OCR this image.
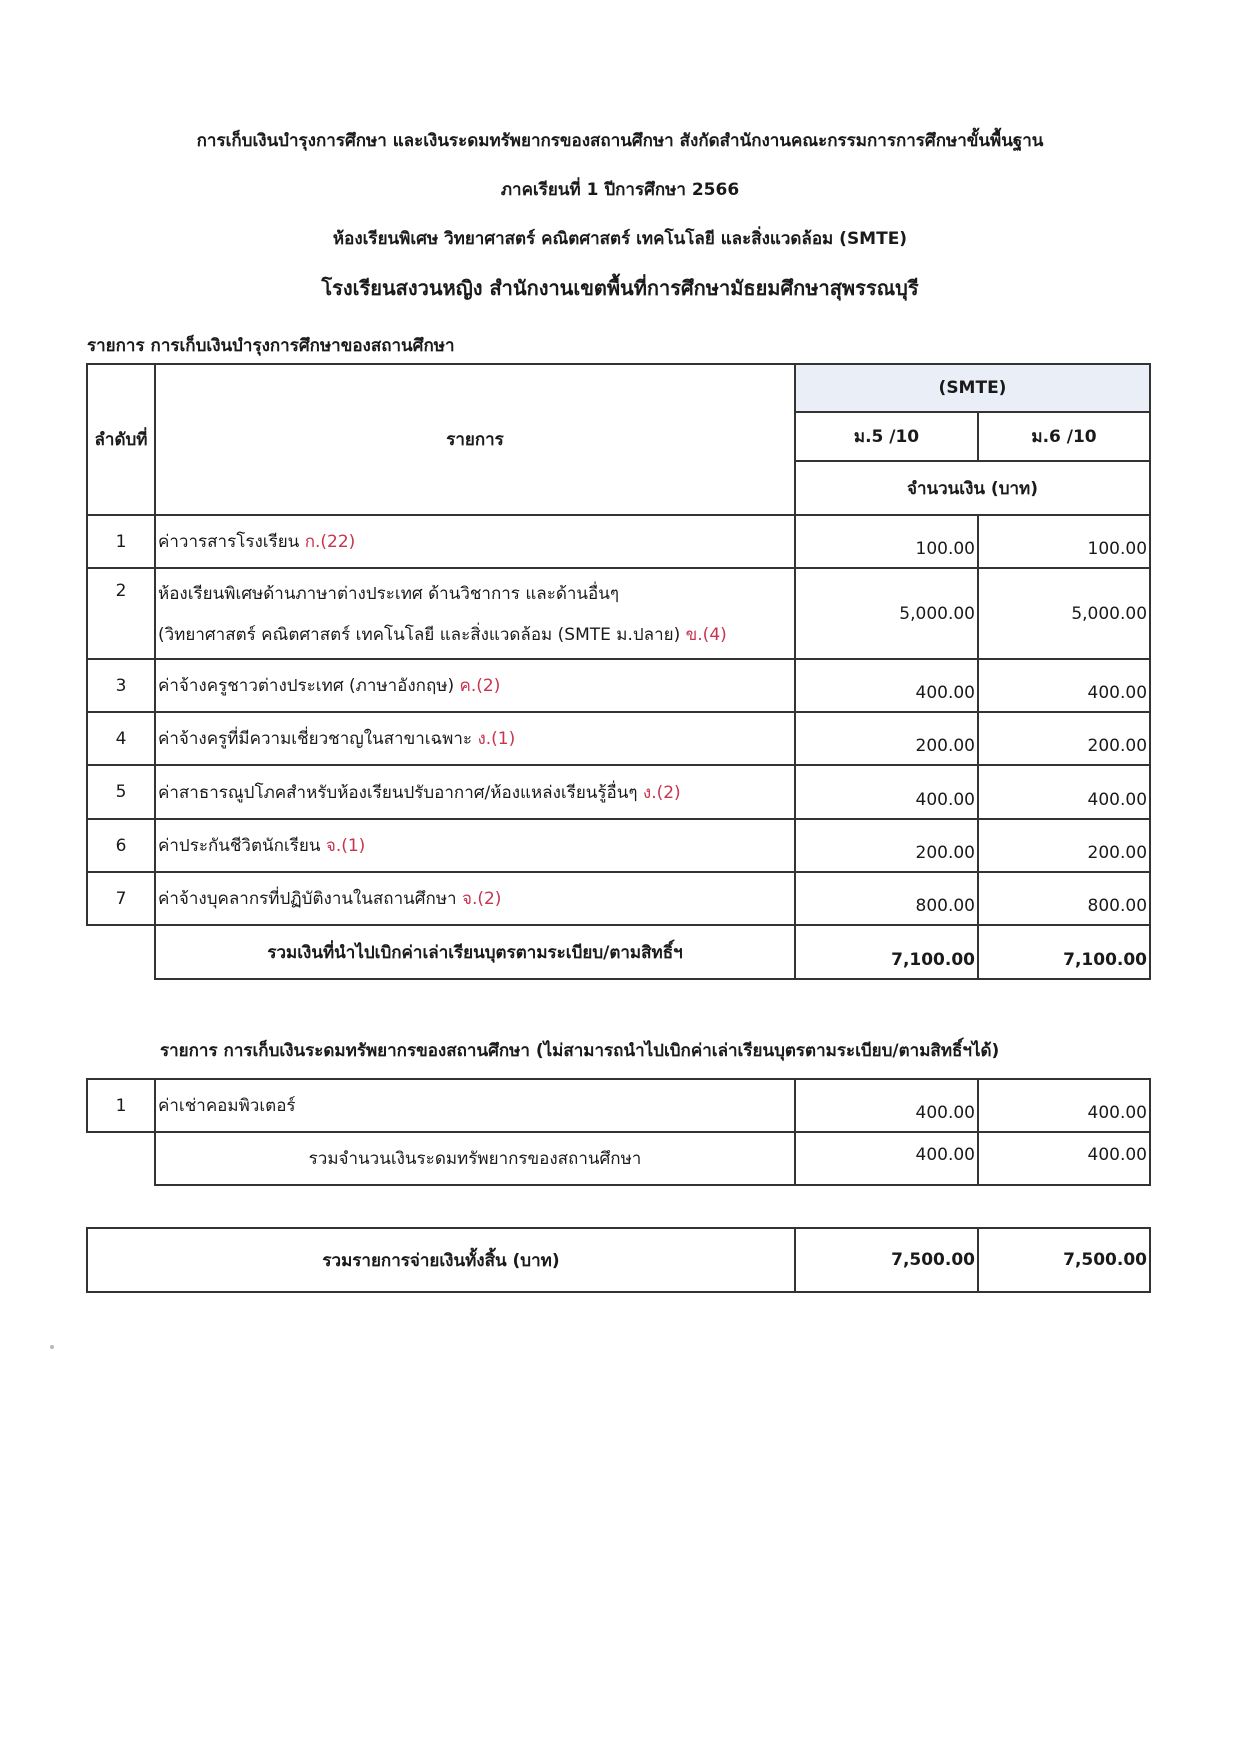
การเก็บเงินบำรุงการศึกษา และเงินระดมทรัพยากรของสถานศึกษา สังกัดสำนักงานคณะกรรมการการศึกษาขั้นพื้นฐาน
ภาคเรียนที่ 1 ปีการศึกษา 2566
ห้องเรียนพิเศษ วิทยาศาสตร์ คณิตศาสตร์ เทคโนโลยี และสิ่งแวดล้อม (SMTE)
โรงเรียนสงวนหญิง สำนักงานเขตพื้นที่การศึกษามัธยมศึกษาสุพรรณบุรี
รายการ การเก็บเงินบำรุงการศึกษาของสถานศึกษา
ลำดับที่	รายการ	(SMTE)	
		ม.5 /10	ม.6 /10
		จำนวนเงิน (บาท)	
1	ค่าวารสารโรงเรียน ก.(22)	100.00	100.00
2	ห้องเรียนพิเศษด้านภาษาต่างประเทศ ด้านวิชาการ และด้านอื่นๆ
(วิทยาศาสตร์ คณิตศาสตร์ เทคโนโลยี และสิ่งแวดล้อม (SMTE ม.ปลาย) ข.(4)	5,000.00	5,000.00
3	ค่าจ้างครูชาวต่างประเทศ (ภาษาอังกฤษ) ค.(2)	400.00	400.00
4	ค่าจ้างครูที่มีความเชี่ยวชาญในสาขาเฉพาะ ง.(1)	200.00	200.00
5	ค่าสาธารณูปโภคสำหรับห้องเรียนปรับอากาศ/ห้องแหล่งเรียนรู้อื่นๆ ง.(2)	400.00	400.00
6	ค่าประกันชีวิตนักเรียน จ.(1)	200.00	200.00
7	ค่าจ้างบุคลากรที่ปฏิบัติงานในสถานศึกษา จ.(2)	800.00	800.00
	รวมเงินที่นำไปเบิกค่าเล่าเรียนบุตรตามระเบียบ/ตามสิทธิ์ฯ	7,100.00	7,100.00
รายการ การเก็บเงินระดมทรัพยากรของสถานศึกษา (ไม่สามารถนำไปเบิกค่าเล่าเรียนบุตรตามระเบียบ/ตามสิทธิ์ฯได้)
1	ค่าเช่าคอมพิวเตอร์	400.00	400.00
	รวมจำนวนเงินระดมทรัพยากรของสถานศึกษา	400.00	400.00
รวมรายการจ่ายเงินทั้งสิ้น (บาท)	7,500.00	7,500.00
